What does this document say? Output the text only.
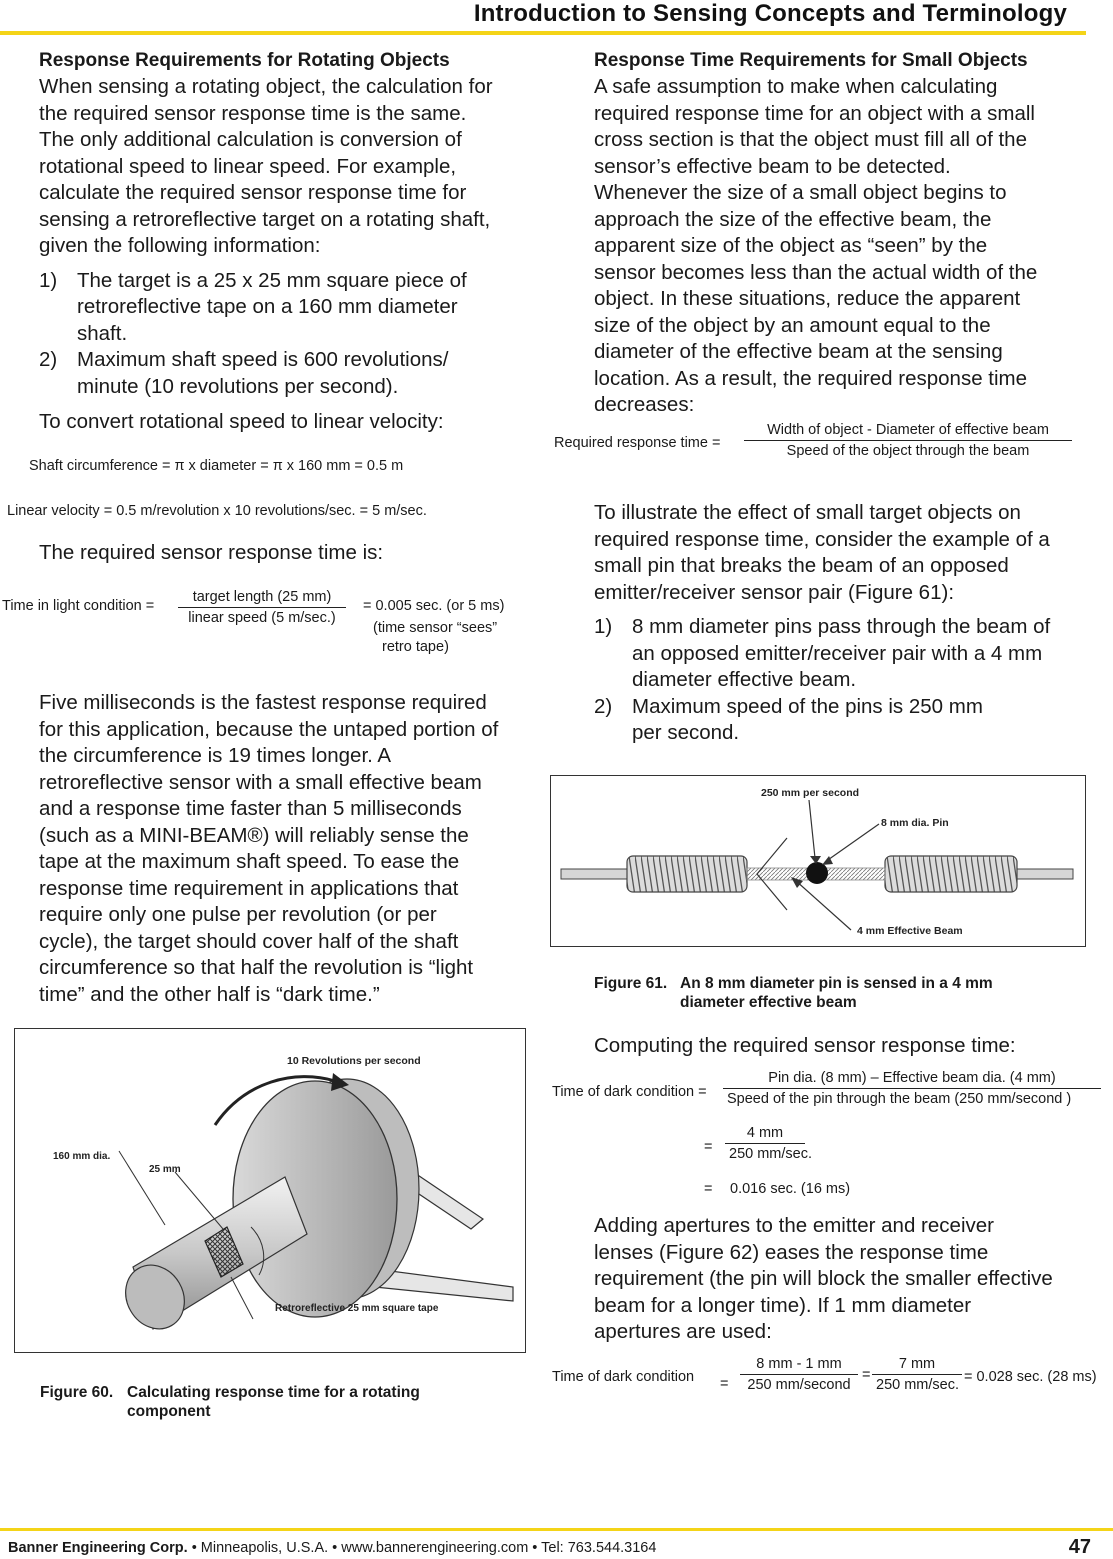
Introduction to Sensing Concepts and Terminology
Response Requirements for Rotating Objects

When sensing a rotating object, the calculation for the required sensor response time is the same. The only additional calculation is conversion of rotational speed to linear speed. For example, calculate the required sensor response time for sensing a retroreflective target on a rotating shaft, given the following information:

1) The target is a 25 x 25 mm square piece of retroreflective tape on a 160 mm diameter shaft.
2) Maximum shaft speed is 600 revolutions/ minute (10 revolutions per second).

To convert rotational speed to linear velocity:

Shaft circumference = π x diameter = π x 160 mm = 0.5 m
Linear velocity = 0.5 m/revolution x 10 revolutions/sec. = 5 m/sec.
The required sensor response time is:
Time in light condition =
target length (25 mm)
linear speed (5 m/sec.)
= 0.005 sec. (or 5 ms)
(time sensor “sees”
retro tape)
Five milliseconds is the fastest response required for this application, because the untaped portion of the circumference is 19 times longer. A retroreflective sensor with a small effective beam and a response time faster than 5 milliseconds (such as a MINI-BEAM®) will reliably sense the tape at the maximum shaft speed. To ease the response time requirement in applications that require only one pulse per revolution (or per cycle), the target should cover half of the shaft circumference so that half the revolution is “light time” and the other half is “dark time.”
10 Revolutions per second
160 mm dia.
25 mm
Retroreflective 25 mm square tape
Figure 60. Calculating response time for a rotating component
Response Time Requirements for Small Objects

A safe assumption to make when calculating required response time for an object with a small cross section is that the object must fill all of the sensor’s effective beam to be detected. Whenever the size of a small object begins to approach the size of the effective beam, the apparent size of the object as “seen” by the sensor becomes less than the actual width of the object. In these situations, reduce the apparent size of the object by an amount equal to the diameter of the effective beam at the sensing location. As a result, the required response time decreases:

Required response time =
Width of object - Diameter of effective beam
Speed of the object through the beam

To illustrate the effect of small target objects on required response time, consider the example of a small pin that breaks the beam of an opposed emitter/receiver sensor pair (Figure 61):

1) 8 mm diameter pins pass through the beam of an opposed emitter/receiver pair with a 4 mm diameter effective beam.
2) Maximum speed of the pins is 250 mm per second.
250 mm per second
8 mm dia. Pin
4 mm Effective Beam
Figure 61. An 8 mm diameter pin is sensed in a 4 mm diameter effective beam
Computing the required sensor response time:
Time of dark condition =
Pin dia. (8 mm) – Effective beam dia. (4 mm)
Speed of the pin through the beam (250 mm/second )
=
4 mm
250 mm/sec.
= 0.016 sec. (16 ms)
Adding apertures to the emitter and receiver lenses (Figure 62) eases the response time requirement (the pin will block the smaller effective beam for a longer time). If 1 mm diameter apertures are used:
Time of dark condition =
8 mm - 1 mm
250 mm/second
=
7 mm
250 mm/sec. = 0.028 sec. (28 ms)
Banner Engineering Corp. • Minneapolis, U.S.A. • www.bannerengineering.com • Tel: 763.544.3164	47
